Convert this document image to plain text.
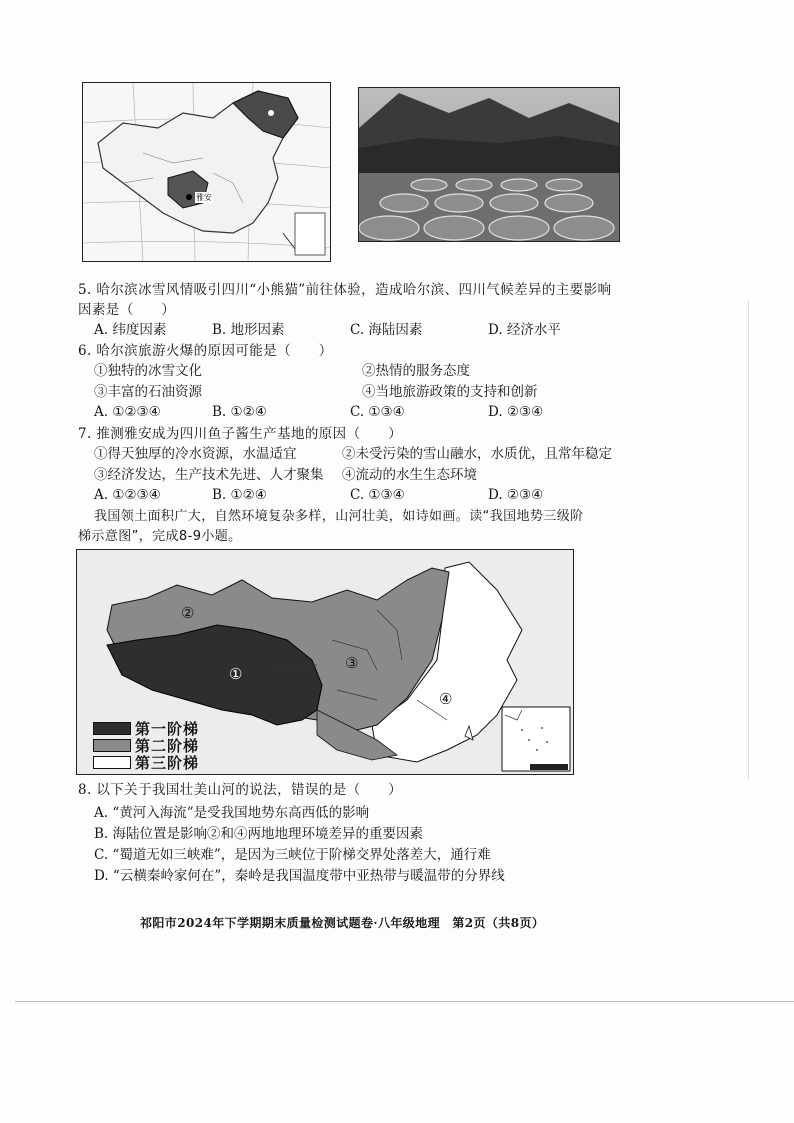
雅安
5. 哈尔滨冰雪风情吸引四川“小熊猫”前往体验，造成哈尔滨、四川气候差异的主要影响
因素是（　　）
A. 纬度因素	B. 地形因素	C. 海陆因素	D. 经济水平
6. 哈尔滨旅游火爆的原因可能是（　　）
①独特的冰雪文化	②热情的服务态度
③丰富的石油资源	④当地旅游政策的支持和创新
A. ①②③④	B. ①②④	C. ①③④	D. ②③④
7. 推测雅安成为四川鱼子酱生产基地的原因（　　）
①得天独厚的冷水资源，水温适宜	②未受污染的雪山融水，水质优，且常年稳定
③经济发达，生产技术先进、人才聚集 ④流动的水生生态环境
A. ①②③④	B. ①②④	C. ①③④	D. ②③④
我国领土面积广大，自然环境复杂多样，山河壮美，如诗如画。读“我国地势三级阶
梯示意图”，完成8-9小题。
①
②
③
④
第一阶梯
第二阶梯
第三阶梯
8. 以下关于我国壮美山河的说法，错误的是（　　）
A. “黄河入海流”是受我国地势东高西低的影响
B. 海陆位置是影响②和④两地地理环境差异的重要因素
C. “蜀道无如三峡难”，是因为三峡位于阶梯交界处落差大，通行难
D. “云横秦岭家何在”，秦岭是我国温度带中亚热带与暖温带的分界线
祁阳市2024年下学期期末质量检测试题卷·八年级地理　第2页（共8页）
